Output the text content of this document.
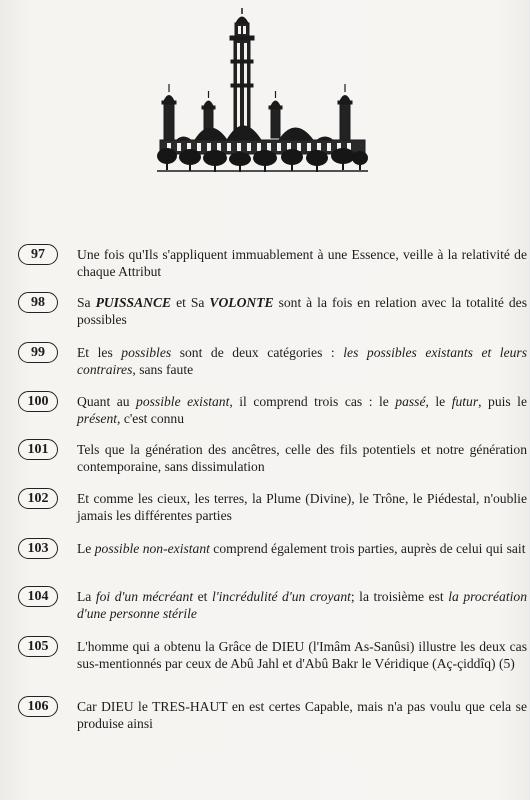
97	Une fois qu'Ils s'appliquent immuablement à une Essence, veille à la relativité de chaque Attribut
98	Sa PUISSANCE et Sa VOLONTE sont à la fois en relation avec la totalité des possibles
99	Et les possibles sont de deux catégories : les possibles existants et leurs contraires, sans faute
100	Quant au possible existant, il comprend trois cas : le passé, le futur, puis le présent, c'est connu
101	Tels que la génération des ancêtres, celle des fils potentiels et notre génération contemporaine, sans dissimulation
102	Et comme les cieux, les terres, la Plume (Divine), le Trône, le Piédestal, n'oublie jamais les différentes parties
103	Le possible non-existant comprend également trois parties, auprès de celui qui sait
104	La foi d'un mécréant et l'incrédulité d'un croyant; la troisième est la procréation d'une personne stérile
105	L'homme qui a obtenu la Grâce de DIEU (l'Imâm As-Sanûsi) illustre les deux cas sus-mentionnés par ceux de Abû Jahl et d'Abû Bakr le Véridique (Aç-çiddîq) (5)
106	Car DIEU le TRES-HAUT en est certes Capable, mais n'a pas voulu que cela se produise ainsi
